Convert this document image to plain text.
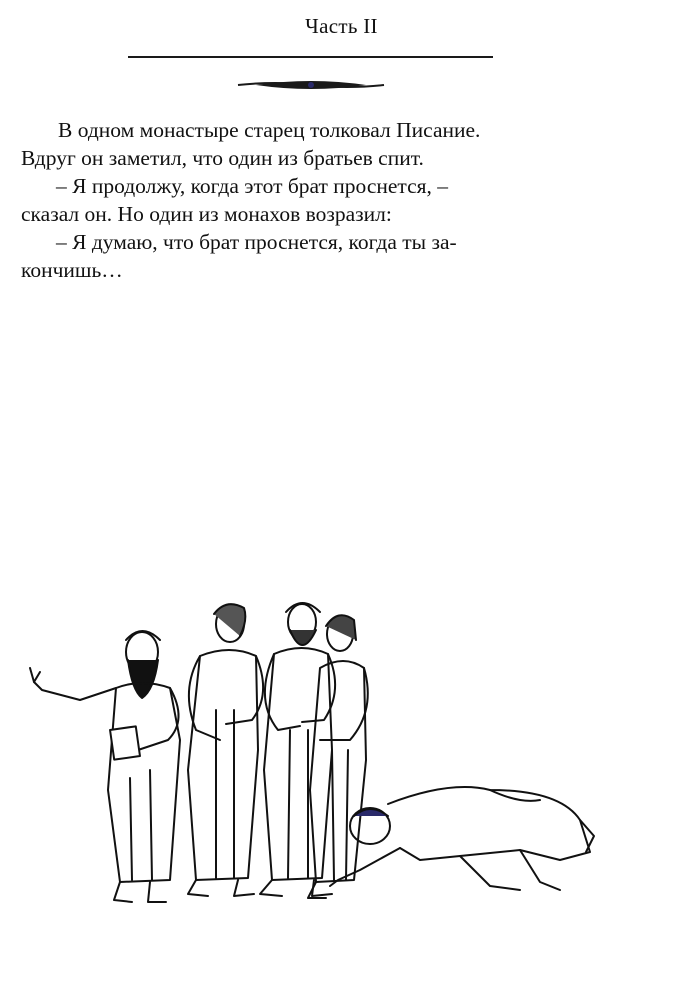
Часть II

В одном монастыре старец толковал Писание.

Вдруг он заметил, что один из братьев спит.

– Я продолжу, когда этот брат проснется, –

сказал он. Но один из монахов возразил:

– Я думаю, что брат проснется, когда ты за-

кончишь…
